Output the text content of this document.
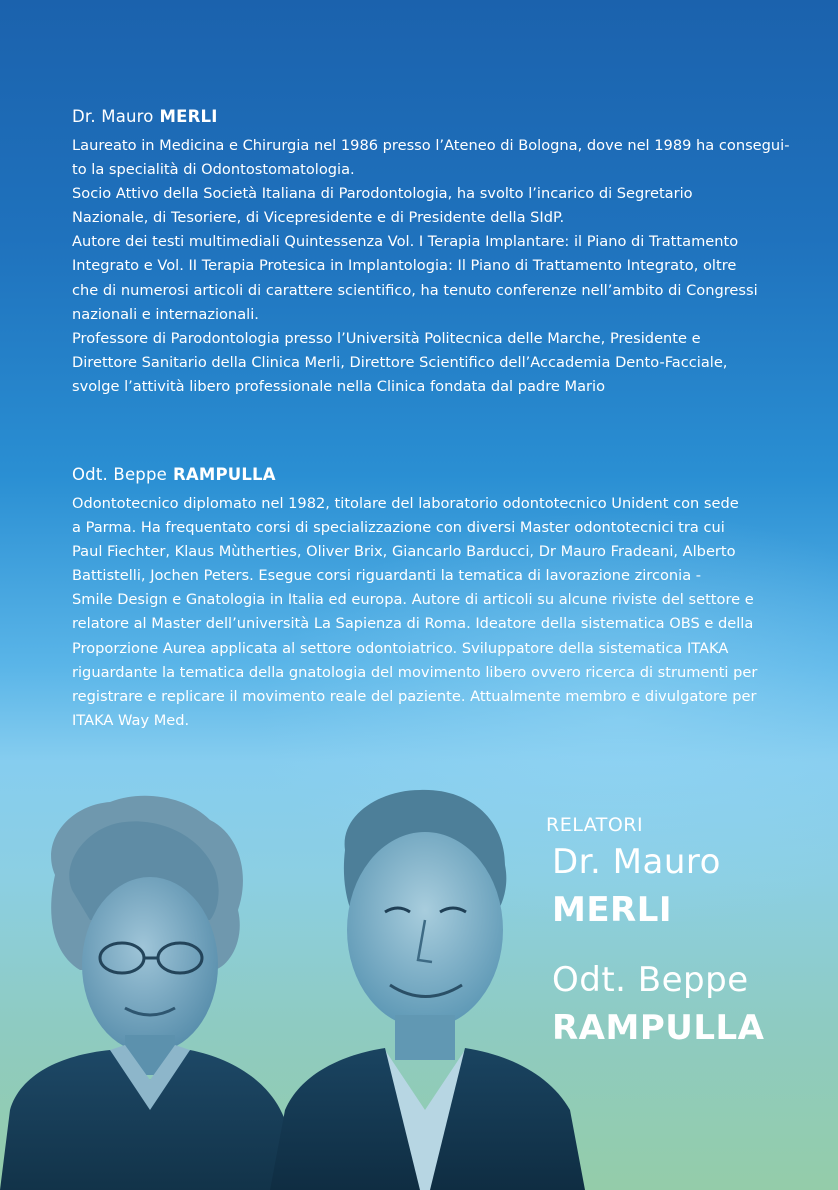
Dr. Mauro MERLI

Laureato in Medicina e Chirurgia nel 1986 presso l’Ateneo di Bologna, dove nel 1989 ha consegui-
to la specialità di Odontostomatologia.
Socio Attivo della Società Italiana di Parodontologia, ha svolto l’incarico di Segretario
Nazionale, di Tesoriere, di Vicepresidente e di Presidente della SIdP.
Autore dei testi multimediali Quintessenza Vol. I Terapia Implantare: il Piano di Trattamento
Integrato e Vol. II Terapia Protesica in Implantologia: Il Piano di Trattamento Integrato, oltre
che di numerosi articoli di carattere scientifico, ha tenuto conferenze nell’ambito di Congressi
nazionali e internazionali.
Professore di Parodontologia presso l’Università Politecnica delle Marche, Presidente e
Direttore Sanitario della Clinica Merli, Direttore Scientifico dell’Accademia Dento-Facciale,
svolge l’attività libero professionale nella Clinica fondata dal padre Mario

Odt. Beppe RAMPULLA

Odontotecnico diplomato nel 1982, titolare del laboratorio odontotecnico Unident con sede
a Parma. Ha frequentato corsi di specializzazione con diversi Master odontotecnici tra cui
Paul Fiechter, Klaus Mùtherties, Oliver Brix, Giancarlo Barducci, Dr Mauro Fradeani, Alberto
Battistelli, Jochen Peters. Esegue corsi riguardanti la tematica di lavorazione zirconia -
Smile Design e Gnatologia in Italia ed europa. Autore di articoli su alcune riviste del settore e
relatore al Master dell’università La Sapienza di Roma. Ideatore della sistematica OBS e della
Proporzione Aurea applicata al settore odontoiatrico. Sviluppatore della sistematica ITAKA
riguardante la tematica della gnatologia del movimento libero ovvero ricerca di strumenti per
registrare e replicare il movimento reale del paziente. Attualmente membro e divulgatore per
ITAKA Way Med.

RELATORI
Dr. Mauro
MERLI
Odt. Beppe
RAMPULLA
